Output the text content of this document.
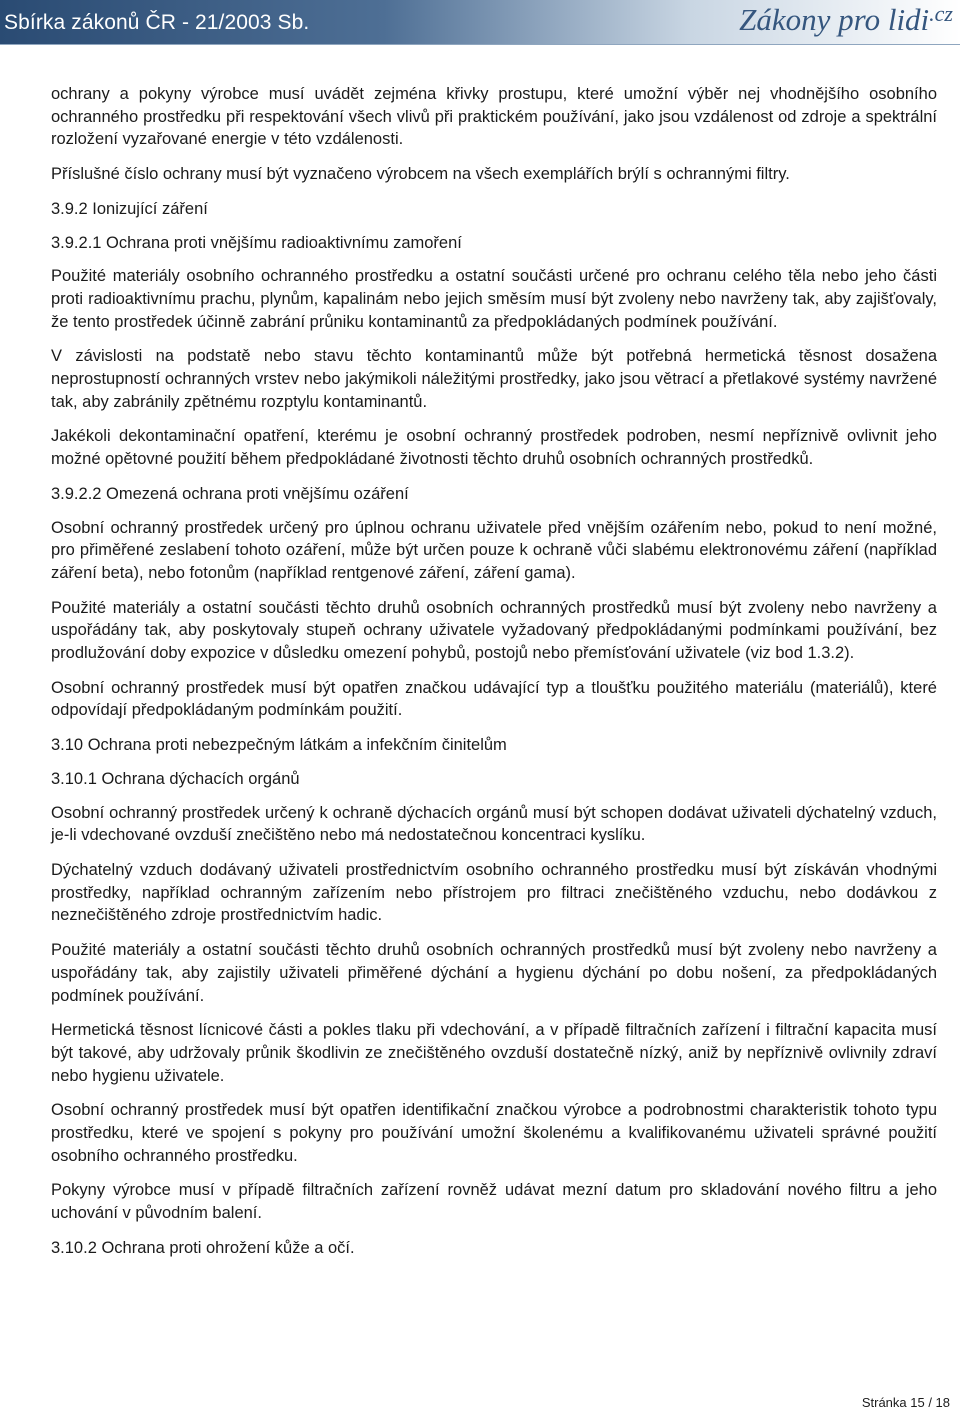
Sbírka zákonů ČR - 21/2003 Sb.	Zákony pro lidi$^{.cz}$

ochrany a pokyny výrobce musí uvádět zejména křivky prostupu, které umožní výběr nej vhodnějšího osobního ochranného prostředku při respektování všech vlivů při praktickém používání, jako jsou vzdálenost od zdroje a spektrální rozložení vyzařované energie v této vzdálenosti.

Příslušné číslo ochrany musí být vyznačeno výrobcem na všech exemplářích brýlí s ochrannými filtry.

3.9.2 Ionizující záření

3.9.2.1 Ochrana proti vnějšímu radioaktivnímu zamoření

Použité materiály osobního ochranného prostředku a ostatní součásti určené pro ochranu celého těla nebo jeho části proti radioaktivnímu prachu, plynům, kapalinám nebo jejich směsím musí být zvoleny nebo navrženy tak, aby zajišťovaly, že tento prostředek účinně zabrání průniku kontaminantů za předpokládaných podmínek používání.

V závislosti na podstatě nebo stavu těchto kontaminantů může být potřebná hermetická těsnost dosažena neprostupností ochranných vrstev nebo jakýmikoli náležitými prostředky, jako jsou větrací a přetlakové systémy navržené tak, aby zabránily zpětnému rozptylu kontaminantů.

Jakékoli dekontaminační opatření, kterému je osobní ochranný prostředek podroben, nesmí nepříznivě ovlivnit jeho možné opětovné použití během předpokládané životnosti těchto druhů osobních ochranných prostředků.

3.9.2.2 Omezená ochrana proti vnějšímu ozáření

Osobní ochranný prostředek určený pro úplnou ochranu uživatele před vnějším ozářením nebo, pokud to není možné, pro přiměřené zeslabení tohoto ozáření, může být určen pouze k ochraně vůči slabému elektronovému záření (například záření beta), nebo fotonům (například rentgenové záření, záření gama).

Použité materiály a ostatní součásti těchto druhů osobních ochranných prostředků musí být zvoleny nebo navrženy a uspořádány tak, aby poskytovaly stupeň ochrany uživatele vyžadovaný předpokládanými podmínkami používání, bez prodlužování doby expozice v důsledku omezení pohybů, postojů nebo přemísťování uživatele (viz bod 1.3.2).

Osobní ochranný prostředek musí být opatřen značkou udávající typ a tloušťku použitého materiálu (materiálů), které odpovídají předpokládaným podmínkám použití.

3.10 Ochrana proti nebezpečným látkám a infekčním činitelům

3.10.1 Ochrana dýchacích orgánů

Osobní ochranný prostředek určený k ochraně dýchacích orgánů musí být schopen dodávat uživateli dýchatelný vzduch, je-li vdechované ovzduší znečištěno nebo má nedostatečnou koncentraci kyslíku.

Dýchatelný vzduch dodávaný uživateli prostřednictvím osobního ochranného prostředku musí být získáván vhodnými prostředky, například ochranným zařízením nebo přístrojem pro filtraci znečištěného vzduchu, nebo dodávkou z neznečištěného zdroje prostřednictvím hadic.

Použité materiály a ostatní součásti těchto druhů osobních ochranných prostředků musí být zvoleny nebo navrženy a uspořádány tak, aby zajistily uživateli přiměřené dýchání a hygienu dýchání po dobu nošení, za předpokládaných podmínek používání.

Hermetická těsnost lícnicové části a pokles tlaku při vdechování, a v případě filtračních zařízení i filtrační kapacita musí být takové, aby udržovaly průnik škodlivin ze znečištěného ovzduší dostatečně nízký, aniž by nepříznivě ovlivnily zdraví nebo hygienu uživatele.

Osobní ochranný prostředek musí být opatřen identifikační značkou výrobce a podrobnostmi charakteristik tohoto typu prostředku, které ve spojení s pokyny pro používání umožní školenému a kvalifikovanému uživateli správné použití osobního ochranného prostředku.

Pokyny výrobce musí v případě filtračních zařízení rovněž udávat mezní datum pro skladování nového filtru a jeho uchování v původním balení.

3.10.2 Ochrana proti ohrožení kůže a očí.

Stránka 15 / 18
